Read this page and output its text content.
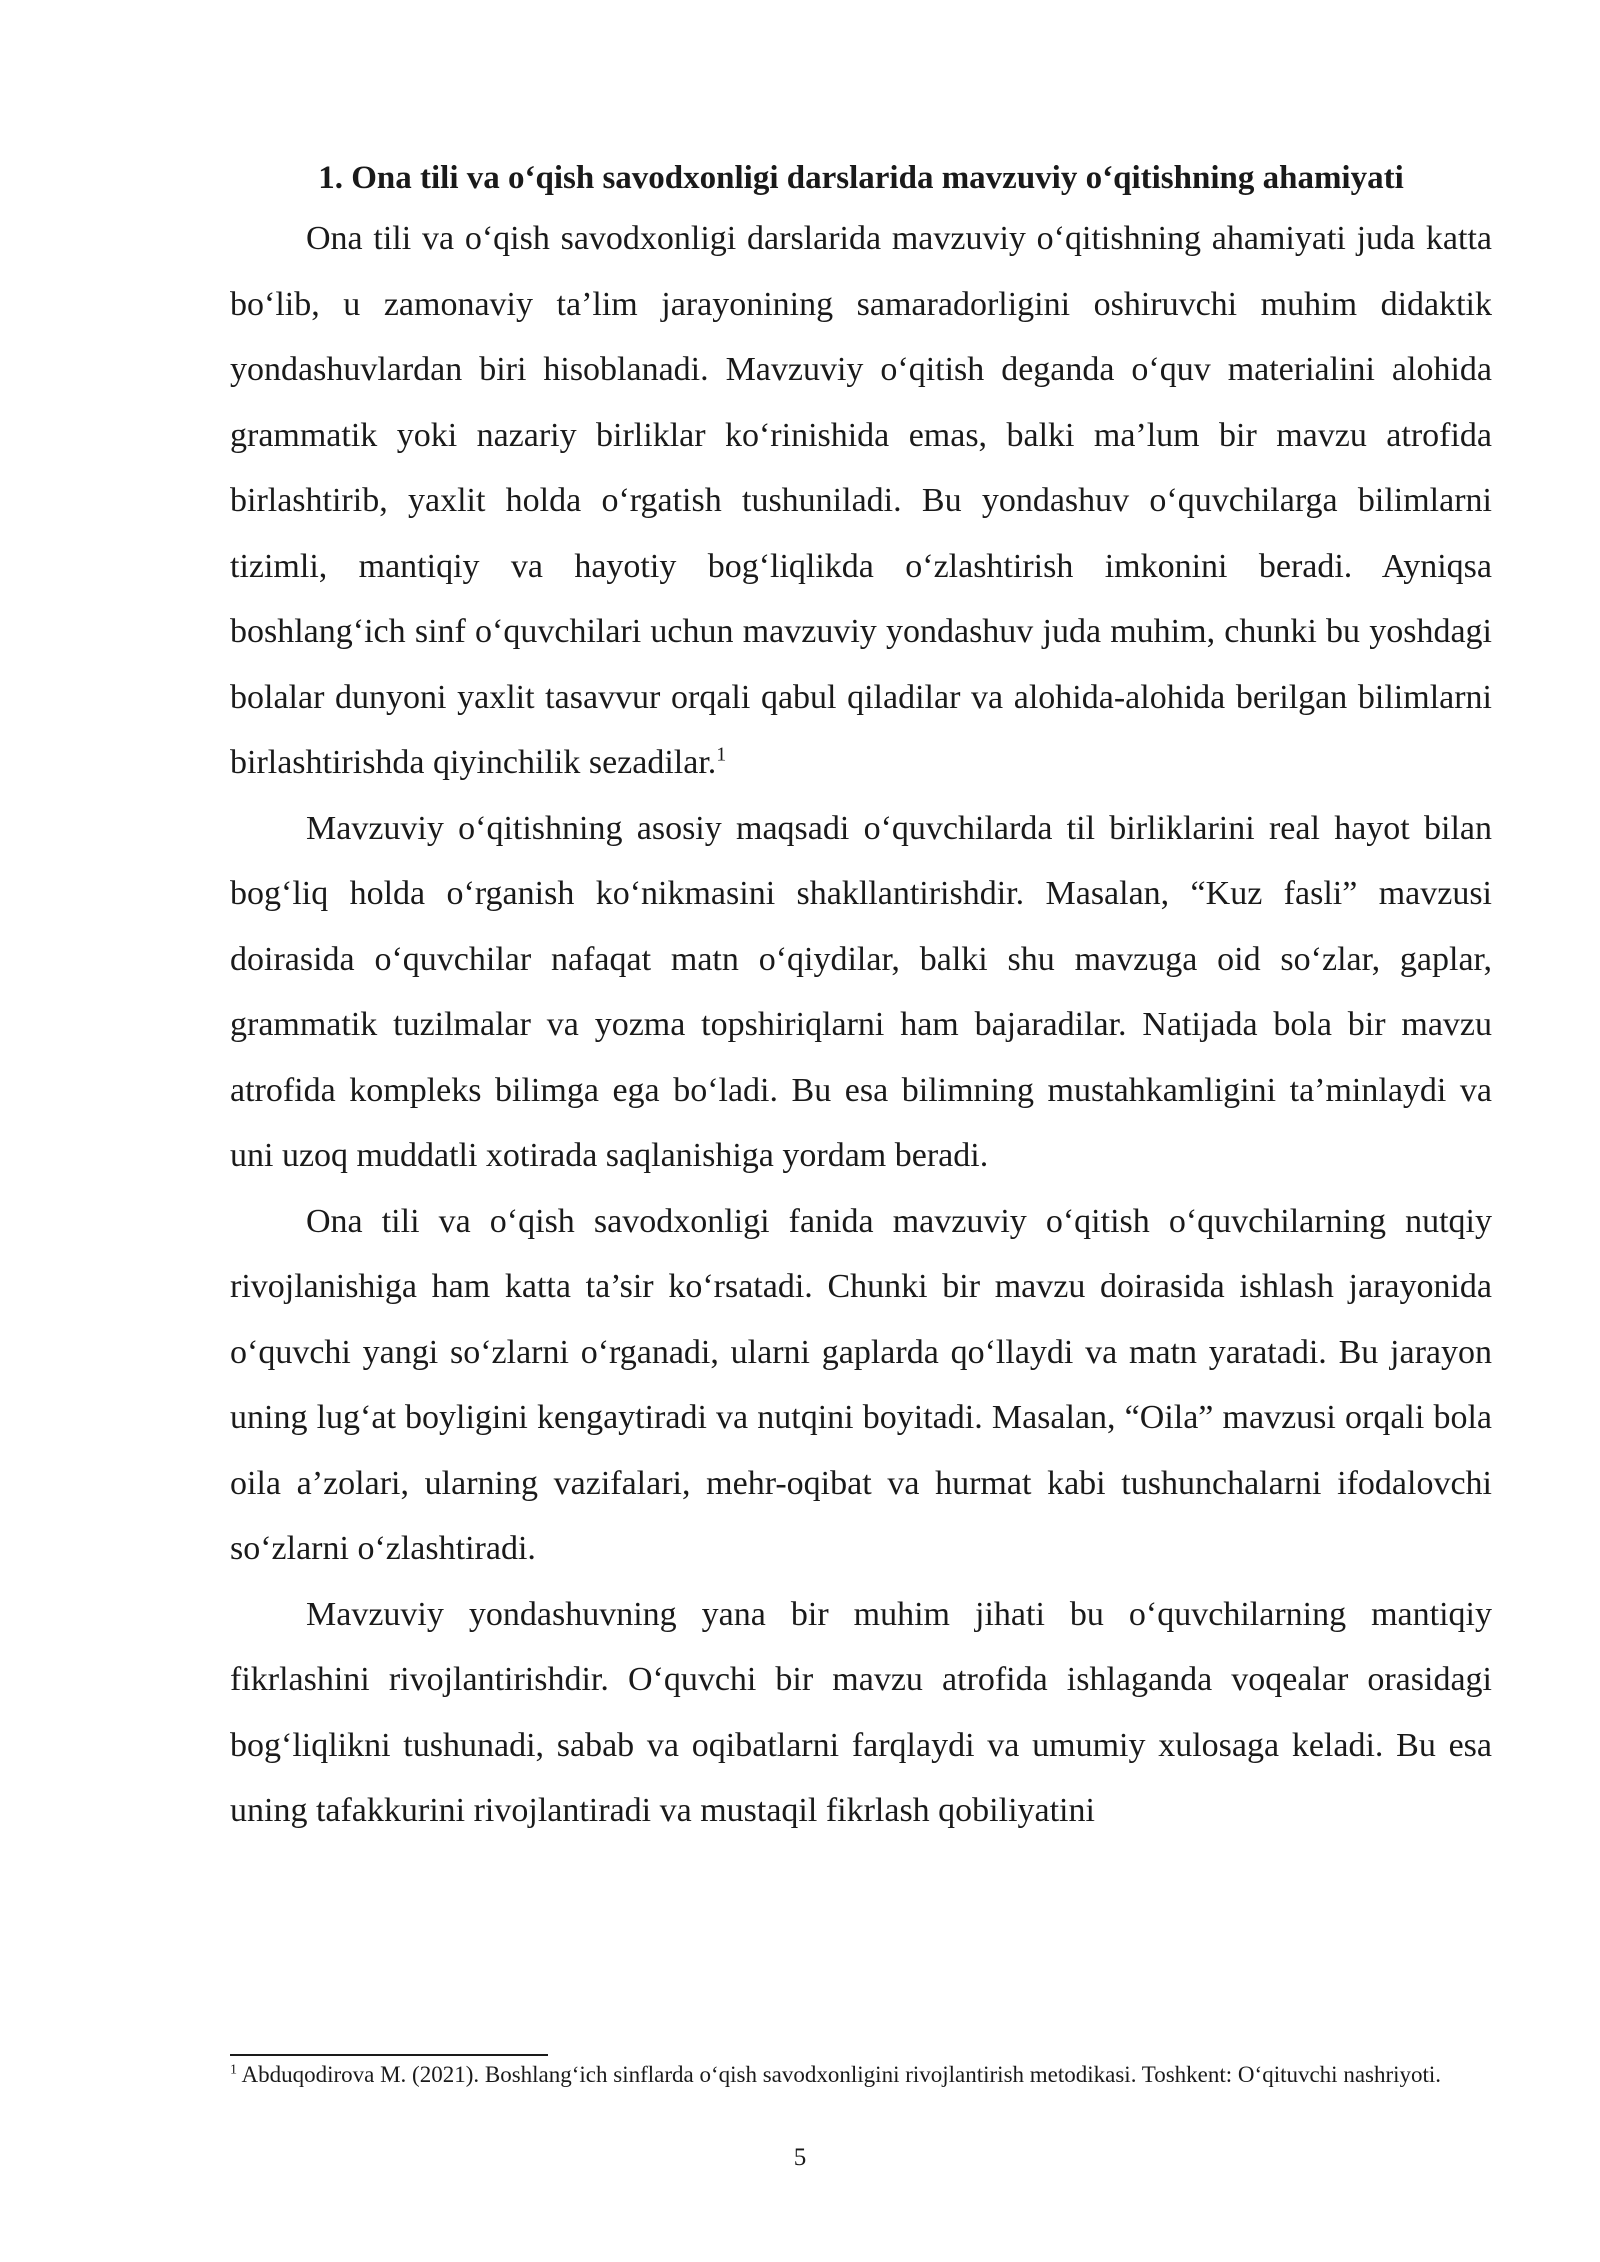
1. Ona tili va o‘qish savodxonligi darslarida mavzuviy o‘qitishning ahamiyati

Ona tili va o‘qish savodxonligi darslarida mavzuviy o‘qitishning ahamiyati juda katta bo‘lib, u zamonaviy ta’lim jarayonining samaradorligini oshiruvchi muhim didaktik yondashuvlardan biri hisoblanadi. Mavzuviy o‘qitish deganda o‘quv materialini alohida grammatik yoki nazariy birliklar ko‘rinishida emas, balki ma’lum bir mavzu atrofida birlashtirib, yaxlit holda o‘rgatish tushuniladi. Bu yondashuv o‘quvchilarga bilimlarni tizimli, mantiqiy va hayotiy bog‘liqlikda o‘zlashtirish imkonini beradi. Ayniqsa boshlang‘ich sinf o‘quvchilari uchun mavzuviy yondashuv juda muhim, chunki bu yoshdagi bolalar dunyoni yaxlit tasavvur orqali qabul qiladilar va alohida-alohida berilgan bilimlarni birlashtirishda qiyinchilik sezadilar.$^1$

Mavzuviy o‘qitishning asosiy maqsadi o‘quvchilarda til birliklarini real hayot bilan bog‘liq holda o‘rganish ko‘nikmasini shakllantirishdir. Masalan, “Kuz fasli” mavzusi doirasida o‘quvchilar nafaqat matn o‘qiydilar, balki shu mavzuga oid so‘zlar, gaplar, grammatik tuzilmalar va yozma topshiriqlarni ham bajaradilar. Natijada bola bir mavzu atrofida kompleks bilimga ega bo‘ladi. Bu esa bilimning mustahkamligini ta’minlaydi va uni uzoq muddatli xotirada saqlanishiga yordam beradi.

Ona tili va o‘qish savodxonligi fanida mavzuviy o‘qitish o‘quvchilarning nutqiy rivojlanishiga ham katta ta’sir ko‘rsatadi. Chunki bir mavzu doirasida ishlash jarayonida o‘quvchi yangi so‘zlarni o‘rganadi, ularni gaplarda qo‘llaydi va matn yaratadi. Bu jarayon uning lug‘at boyligini kengaytiradi va nutqini boyitadi. Masalan, “Oila” mavzusi orqali bola oila a’zolari, ularning vazifalari, mehr-oqibat va hurmat kabi tushunchalarni ifodalovchi so‘zlarni o‘zlashtiradi.

Mavzuviy yondashuvning yana bir muhim jihati bu o‘quvchilarning mantiqiy fikrlashini rivojlantirishdir. O‘quvchi bir mavzu atrofida ishlaganda voqealar orasidagi bog‘liqlikni tushunadi, sabab va oqibatlarni farqlaydi va umumiy xulosaga keladi. Bu esa uning tafakkurini rivojlantiradi va mustaqil fikrlash qobiliyatini

$^1$ Abduqodirova M. (2021). Boshlang‘ich sinflarda o‘qish savodxonligini rivojlantirish metodikasi. Toshkent: O‘qituvchi nashriyoti.

5
